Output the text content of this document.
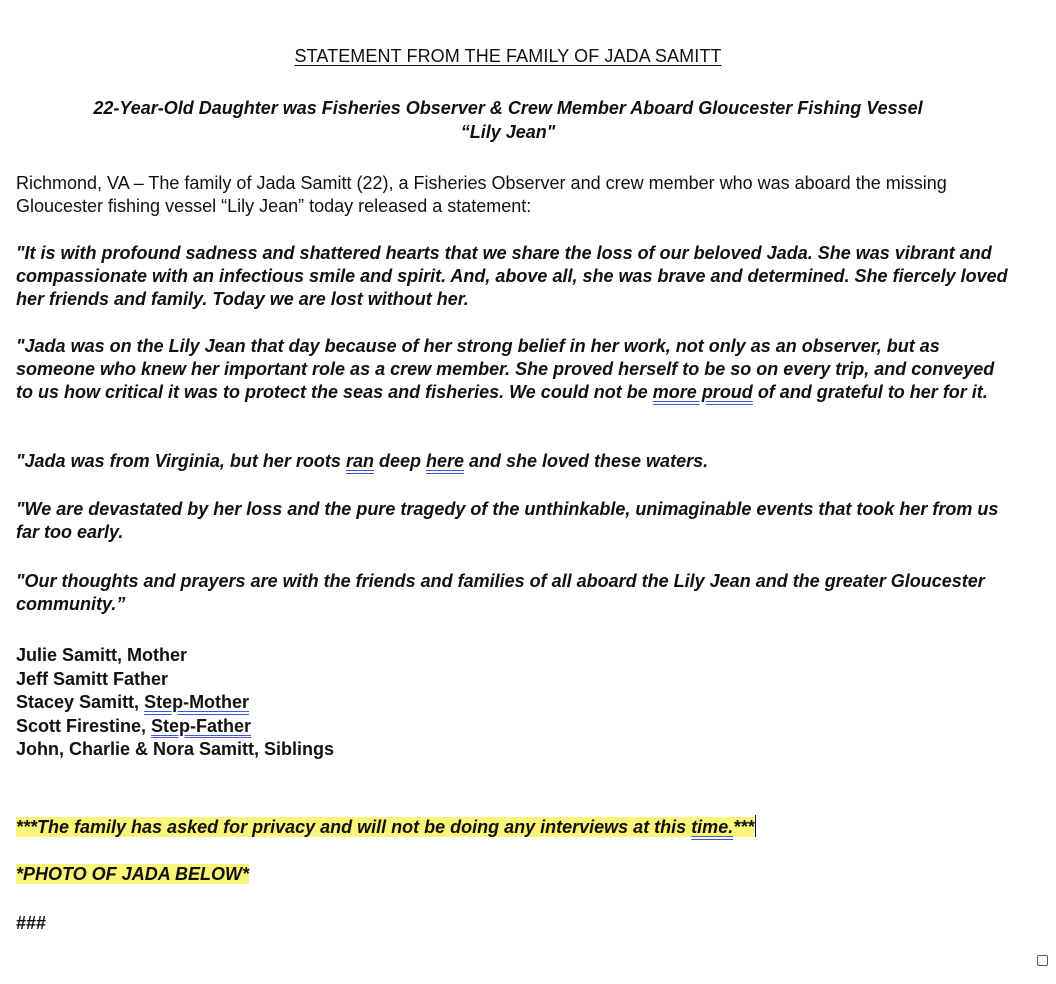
STATEMENT FROM THE FAMILY OF JADA SAMITT
22-Year-Old Daughter was Fisheries Observer & Crew Member Aboard Gloucester Fishing Vessel
“Lily Jean"

Richmond, VA – The family of Jada Samitt (22), a Fisheries Observer and crew member who was aboard the missing Gloucester fishing vessel “Lily Jean” today released a statement:

"It is with profound sadness and shattered hearts that we share the loss of our beloved Jada. She was vibrant and compassionate with an infectious smile and spirit. And, above all, she was brave and determined. She fiercely loved her friends and family. Today we are lost without her.

"Jada was on the Lily Jean that day because of her strong belief in her work, not only as an observer, but as someone who knew her important role as a crew member. She proved herself to be so on every trip, and conveyed to us how critical it was to protect the seas and fisheries. We could not be more proud of and grateful to her for it.

"Jada was from Virginia, but her roots ran deep here and she loved these waters.

"We are devastated by her loss and the pure tragedy of the unthinkable, unimaginable events that took her from us far too early.

"Our thoughts and prayers are with the friends and families of all aboard the Lily Jean and the greater Gloucester community.”

Julie Samitt, Mother
Jeff Samitt Father
Stacey Samitt, Step-Mother
Scott Firestine, Step-Father
John, Charlie & Nora Samitt, Siblings
***The family has asked for privacy and will not be doing any interviews at this time.***
*PHOTO OF JADA BELOW*
###
